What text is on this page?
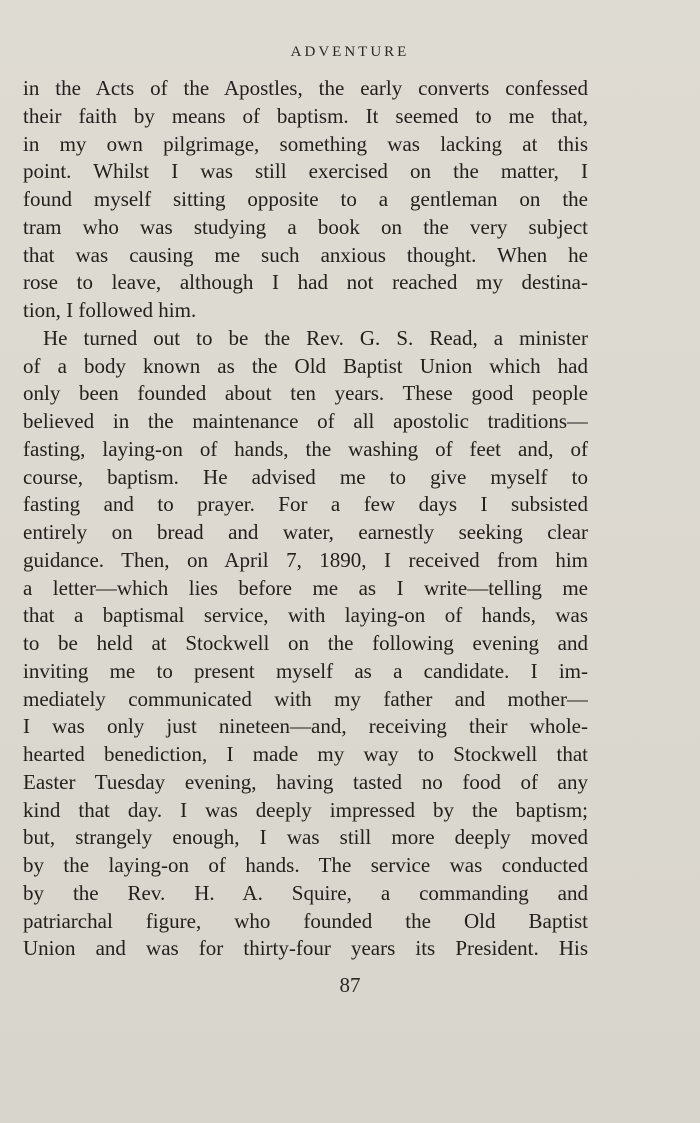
ADVENTURE
in the Acts of the Apostles, the early converts confessed
their faith by means of baptism. It seemed to me that,
in my own pilgrimage, something was lacking at this
point. Whilst I was still exercised on the matter, I
found myself sitting opposite to a gentleman on the
tram who was studying a book on the very subject
that was causing me such anxious thought. When he
rose to leave, although I had not reached my destina-
tion, I followed him.
He turned out to be the Rev. G. S. Read, a minister
of a body known as the Old Baptist Union which had
only been founded about ten years. These good people
believed in the maintenance of all apostolic traditions—
fasting, laying-on of hands, the washing of feet and, of
course, baptism. He advised me to give myself to
fasting and to prayer. For a few days I subsisted
entirely on bread and water, earnestly seeking clear
guidance. Then, on April 7, 1890, I received from him
a letter—which lies before me as I write—telling me
that a baptismal service, with laying-on of hands, was
to be held at Stockwell on the following evening and
inviting me to present myself as a candidate. I im-
mediately communicated with my father and mother—
I was only just nineteen—and, receiving their whole-
hearted benediction, I made my way to Stockwell that
Easter Tuesday evening, having tasted no food of any
kind that day. I was deeply impressed by the baptism;
but, strangely enough, I was still more deeply moved
by the laying-on of hands. The service was conducted
by the Rev. H. A. Squire, a commanding and
patriarchal figure, who founded the Old Baptist
Union and was for thirty-four years its President. His
87
